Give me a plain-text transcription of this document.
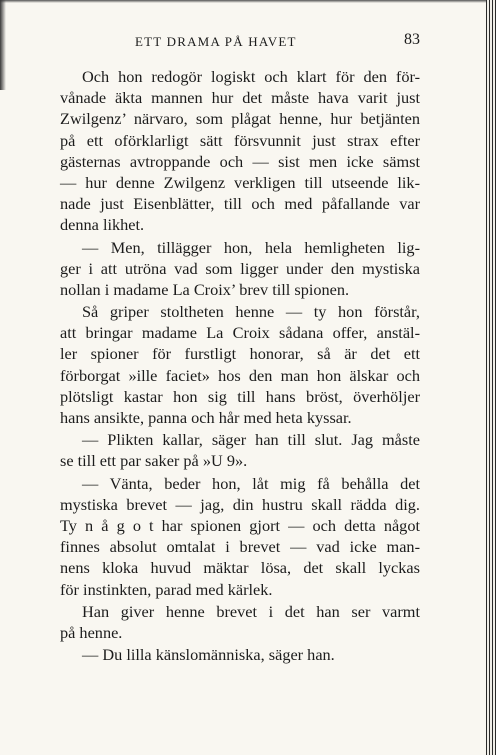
ETT DRAMA PÅ HAVET	83
Och hon redogör logiskt och klart för den för-
vånade äkta mannen hur det måste hava varit just
Zwilgenz’ närvaro, som plågat henne, hur betjänten
på ett oförklarligt sätt försvunnit just strax efter
gästernas avtroppande och — sist men icke sämst
— hur denne Zwilgenz verkligen till utseende lik-
nade just Eisenblätter, till och med påfallande var
denna likhet.
— Men, tillägger hon, hela hemligheten lig-
ger i att utröna vad som ligger under den mystiska
nollan i madame La Croix’ brev till spionen.
Så griper stoltheten henne — ty hon förstår,
att bringar madame La Croix sådana offer, anstäl-
ler spioner för furstligt honorar, så är det ett
förborgat »ille faciet» hos den man hon älskar och
plötsligt kastar hon sig till hans bröst, överhöljer
hans ansikte, panna och hår med heta kyssar.
— Plikten kallar, säger han till slut. Jag måste
se till ett par saker på »U 9».
— Vänta, beder hon, låt mig få behålla det
mystiska brevet — jag, din hustru skall rädda dig.
Ty n å g o t har spionen gjort — och detta något
finnes absolut omtalat i brevet — vad icke man-
nens kloka huvud mäktar lösa, det skall lyckas
för instinkten, parad med kärlek.
Han giver henne brevet i det han ser varmt
på henne.
— Du lilla känslomänniska, säger han.
